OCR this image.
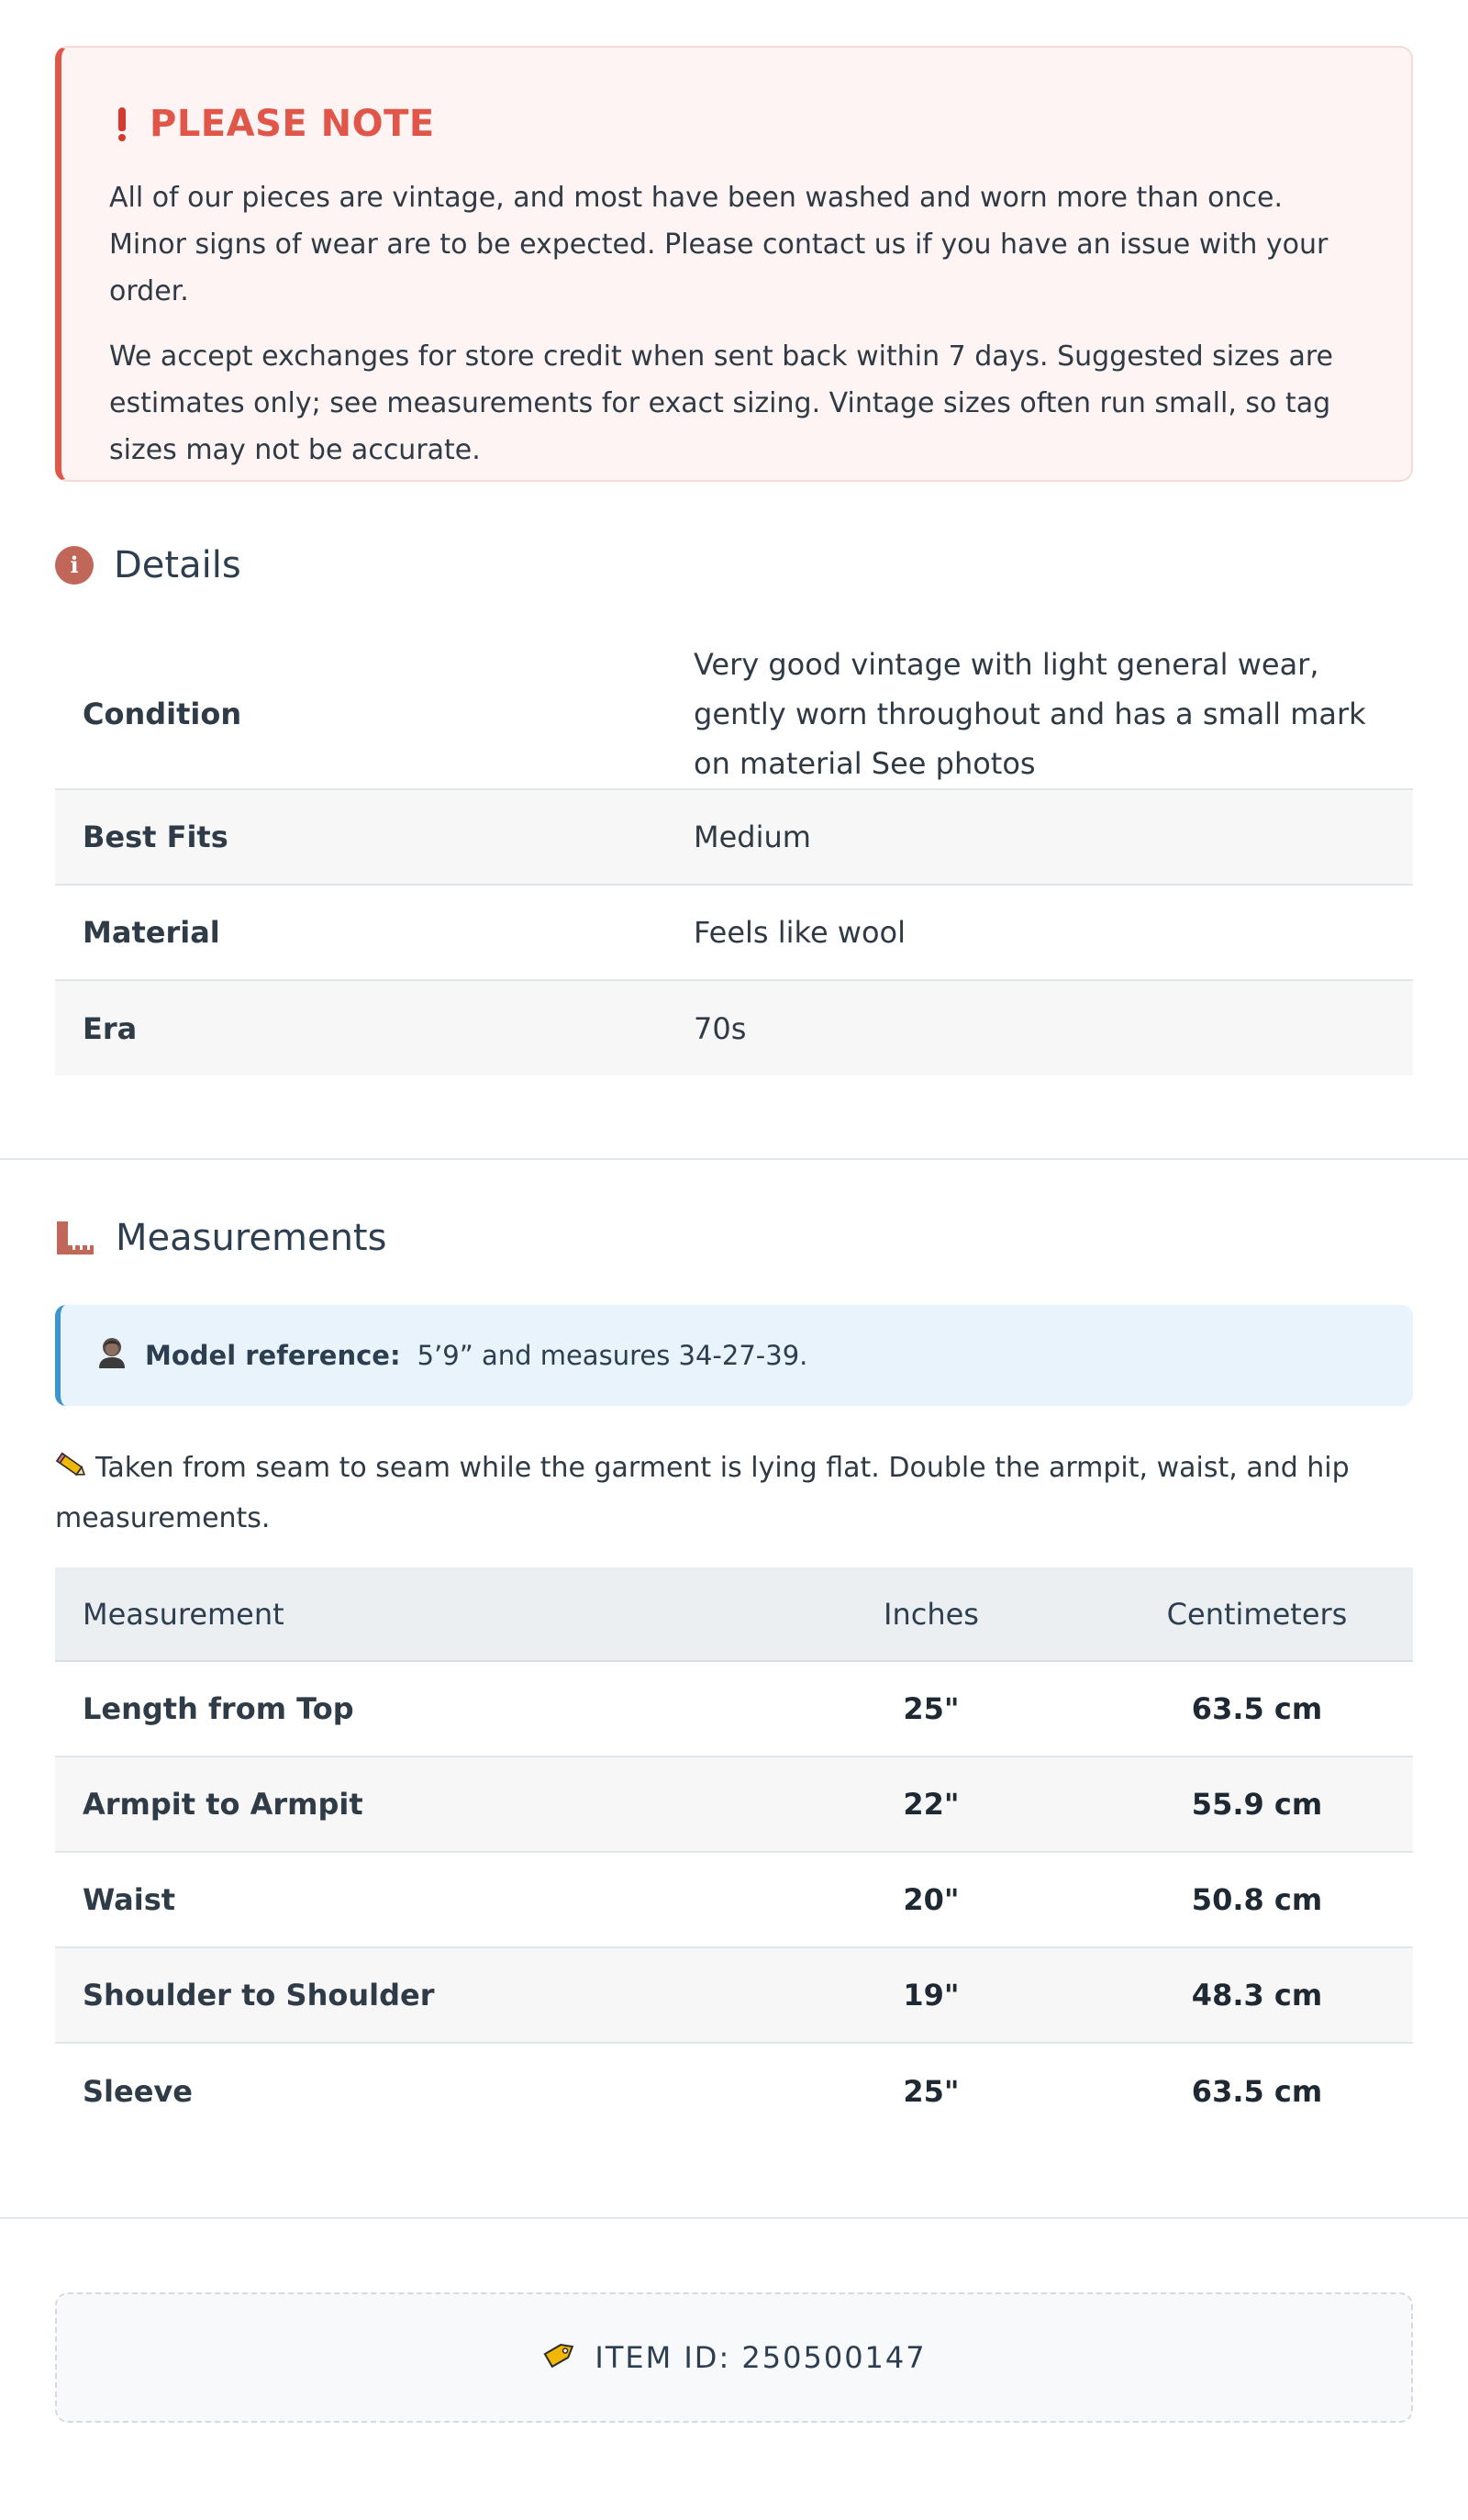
PLEASE NOTE

All of our pieces are vintage, and most have been washed and worn more than once. Minor signs of wear are to be expected. Please contact us if you have an issue with your order.

We accept exchanges for store credit when sent back within 7 days. Suggested sizes are estimates only; see measurements for exact sizing. Vintage sizes often run small, so tag sizes may not be accurate.

i Details
Condition	Very good vintage with light general wear, gently worn throughout and has a small mark on material See photos
Best Fits	Medium
Material	Feels like wool
Era	70s
Measurements
Model reference: 5’9” and measures 34-27-39.
Taken from seam to seam while the garment is lying flat. Double the armpit, waist, and hip measurements.
Measurement	Inches	Centimeters
Length from Top	25"	63.5 cm
Armpit to Armpit	22"	55.9 cm
Waist	20"	50.8 cm
Shoulder to Shoulder	19"	48.3 cm
Sleeve	25"	63.5 cm
ITEM ID: 250500147
